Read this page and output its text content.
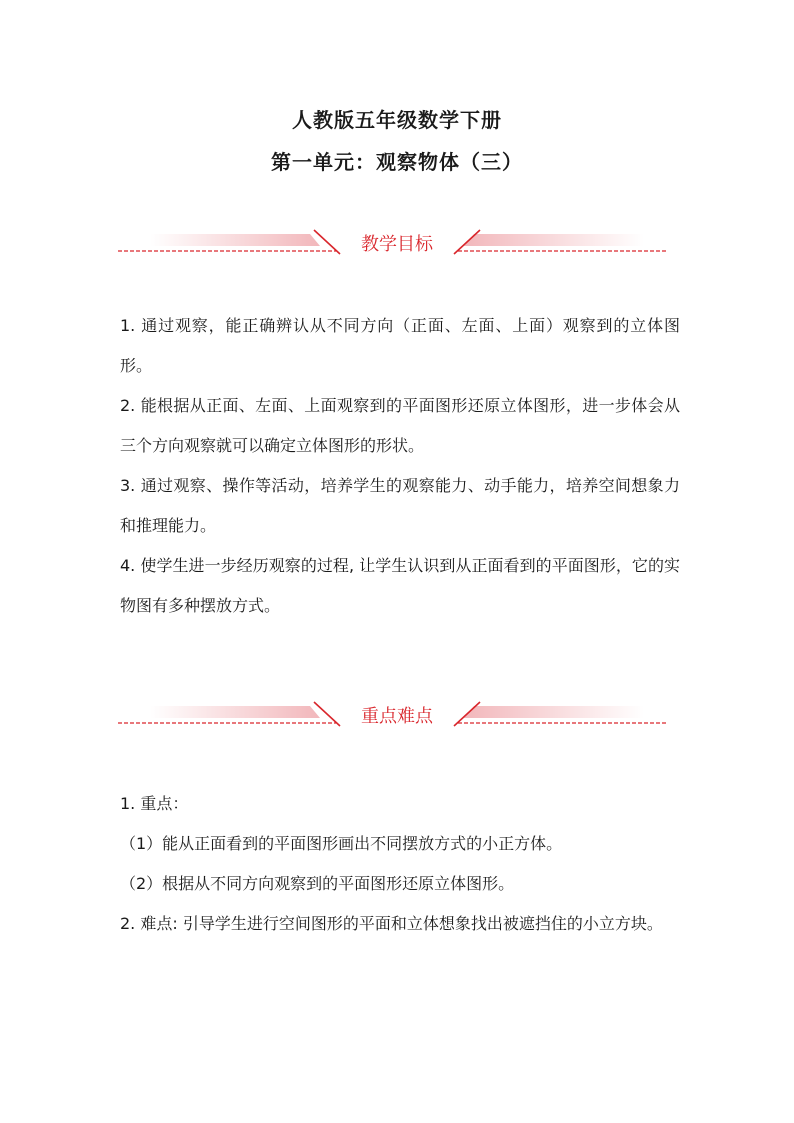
人教版五年级数学下册
第一单元：观察物体（三）
教学目标

1. 通过观察，能正确辨认从不同方向（正面、左面、上面）观察到的立体图形。

2. 能根据从正面、左面、上面观察到的平面图形还原立体图形，进一步体会从三个方向观察就可以确定立体图形的形状。

3. 通过观察、操作等活动，培养学生的观察能力、动手能力，培养空间想象力和推理能力。

4. 使学生进一步经历观察的过程, 让学生认识到从正面看到的平面图形，它的实物图有多种摆放方式。

重点难点

1. 重点：

（1）能从正面看到的平面图形画出不同摆放方式的小正方体。

（2）根据从不同方向观察到的平面图形还原立体图形。

2. 难点: 引导学生进行空间图形的平面和立体想象找出被遮挡住的小立方块。
